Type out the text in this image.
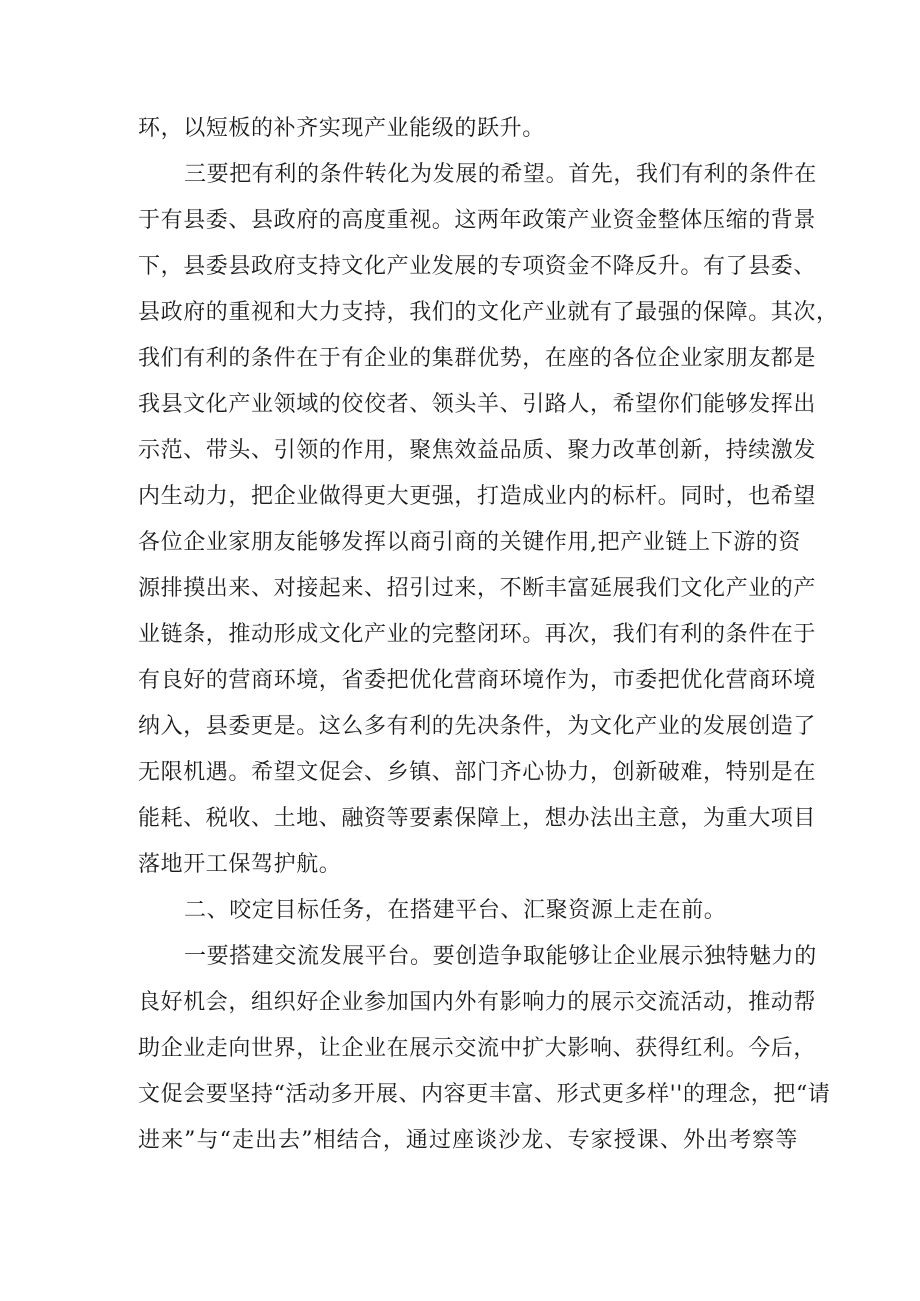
环，以短板的补齐实现产业能级的跃升。
三要把有利的条件转化为发展的希望。首先，我们有利的条件在
于有县委、县政府的高度重视。这两年政策产业资金整体压缩的背景
下，县委县政府支持文化产业发展的专项资金不降反升。有了县委、
县政府的重视和大力支持，我们的文化产业就有了最强的保障。其次，
我们有利的条件在于有企业的集群优势，在座的各位企业家朋友都是
我县文化产业领域的佼佼者、领头羊、引路人，希望你们能够发挥出
示范、带头、引领的作用，聚焦效益品质、聚力改革创新，持续激发
内生动力，把企业做得更大更强，打造成业内的标杆。同时，也希望
各位企业家朋友能够发挥以商引商的关键作用,把产业链上下游的资
源排摸出来、对接起来、招引过来，不断丰富延展我们文化产业的产
业链条，推动形成文化产业的完整闭环。再次，我们有利的条件在于
有良好的营商环境，省委把优化营商环境作为，市委把优化营商环境
纳入，县委更是。这么多有利的先决条件，为文化产业的发展创造了
无限机遇。希望文促会、乡镇、部门齐心协力，创新破难，特别是在
能耗、税收、土地、融资等要素保障上，想办法出主意，为重大项目
落地开工保驾护航。
二、咬定目标任务，在搭建平台、汇聚资源上走在前。
一要搭建交流发展平台。要创造争取能够让企业展示独特魅力的
良好机会，组织好企业参加国内外有影响力的展示交流活动，推动帮
助企业走向世界，让企业在展示交流中扩大影响、获得红利。今后，
文促会要坚持“活动多开展、内容更丰富、形式更多样''的理念，把“请
进来”与“走出去”相结合，通过座谈沙龙、专家授课、外出考察等
